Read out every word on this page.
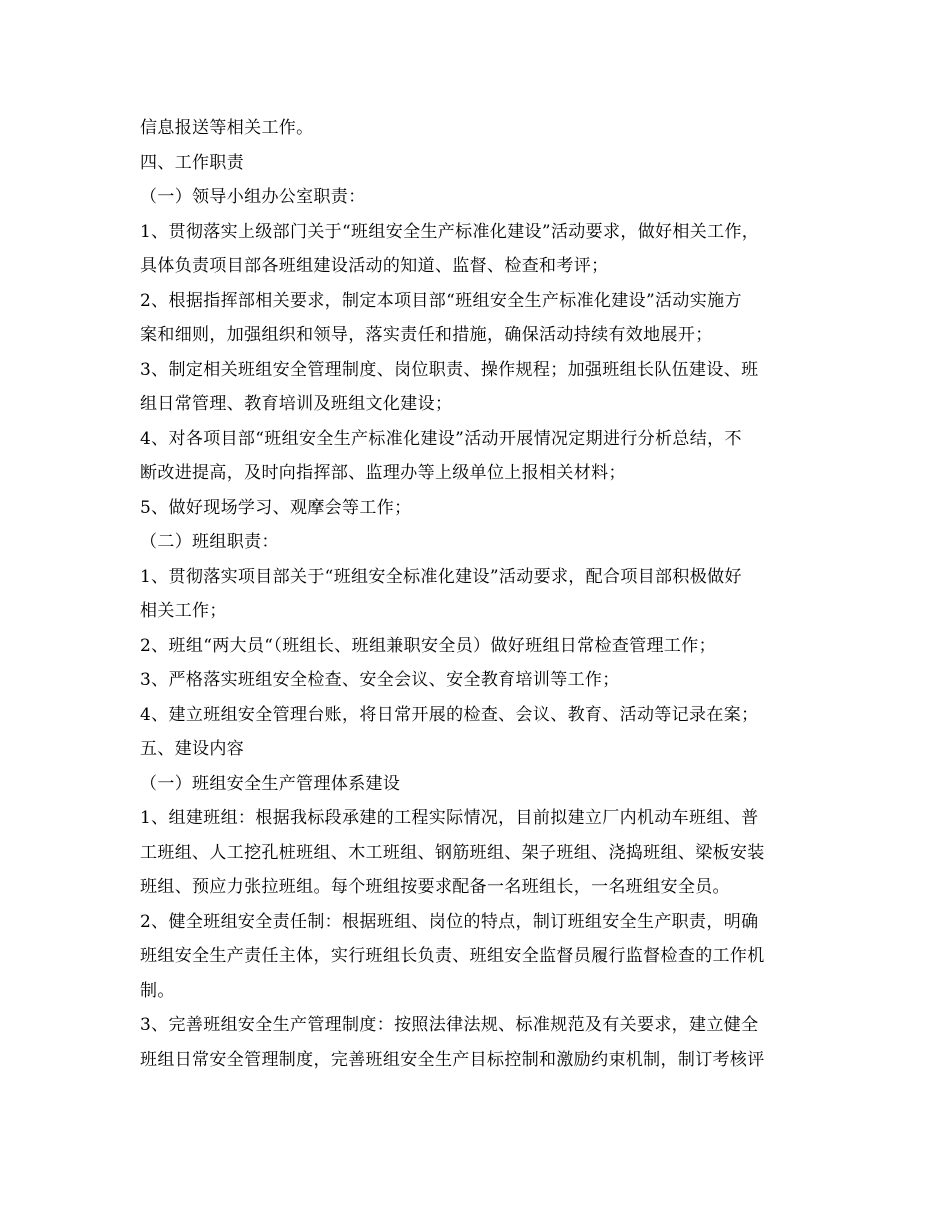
信息报送等相关工作。
四、工作职责
（一）领导小组办公室职责：
1、贯彻落实上级部门关于“班组安全生产标准化建设”活动要求，做好相关工作，
具体负责项目部各班组建设活动的知道、监督、检查和考评；
2、根据指挥部相关要求，制定本项目部“班组安全生产标准化建设”活动实施方
案和细则，加强组织和领导，落实责任和措施，确保活动持续有效地展开；
3、制定相关班组安全管理制度、岗位职责、操作规程；加强班组长队伍建设、班
组日常管理、教育培训及班组文化建设；
4、对各项目部“班组安全生产标准化建设”活动开展情况定期进行分析总结，不
断改进提高，及时向指挥部、监理办等上级单位上报相关材料；
5、做好现场学习、观摩会等工作；
（二）班组职责：
1、贯彻落实项目部关于“班组安全标准化建设”活动要求，配合项目部积极做好
相关工作；
2、班组“两大员“（班组长、班组兼职安全员）做好班组日常检查管理工作；
3、严格落实班组安全检查、安全会议、安全教育培训等工作；
4、建立班组安全管理台账，将日常开展的检查、会议、教育、活动等记录在案；
五、建设内容
（一）班组安全生产管理体系建设
1、组建班组：根据我标段承建的工程实际情况，目前拟建立厂内机动车班组、普
工班组、人工挖孔桩班组、木工班组、钢筋班组、架子班组、浇捣班组、梁板安装
班组、预应力张拉班组。每个班组按要求配备一名班组长，一名班组安全员。
2、健全班组安全责任制：根据班组、岗位的特点，制订班组安全生产职责，明确
班组安全生产责任主体，实行班组长负责、班组安全监督员履行监督检查的工作机
制。
3、完善班组安全生产管理制度：按照法律法规、标准规范及有关要求，建立健全
班组日常安全管理制度，完善班组安全生产目标控制和激励约束机制，制订考核评
